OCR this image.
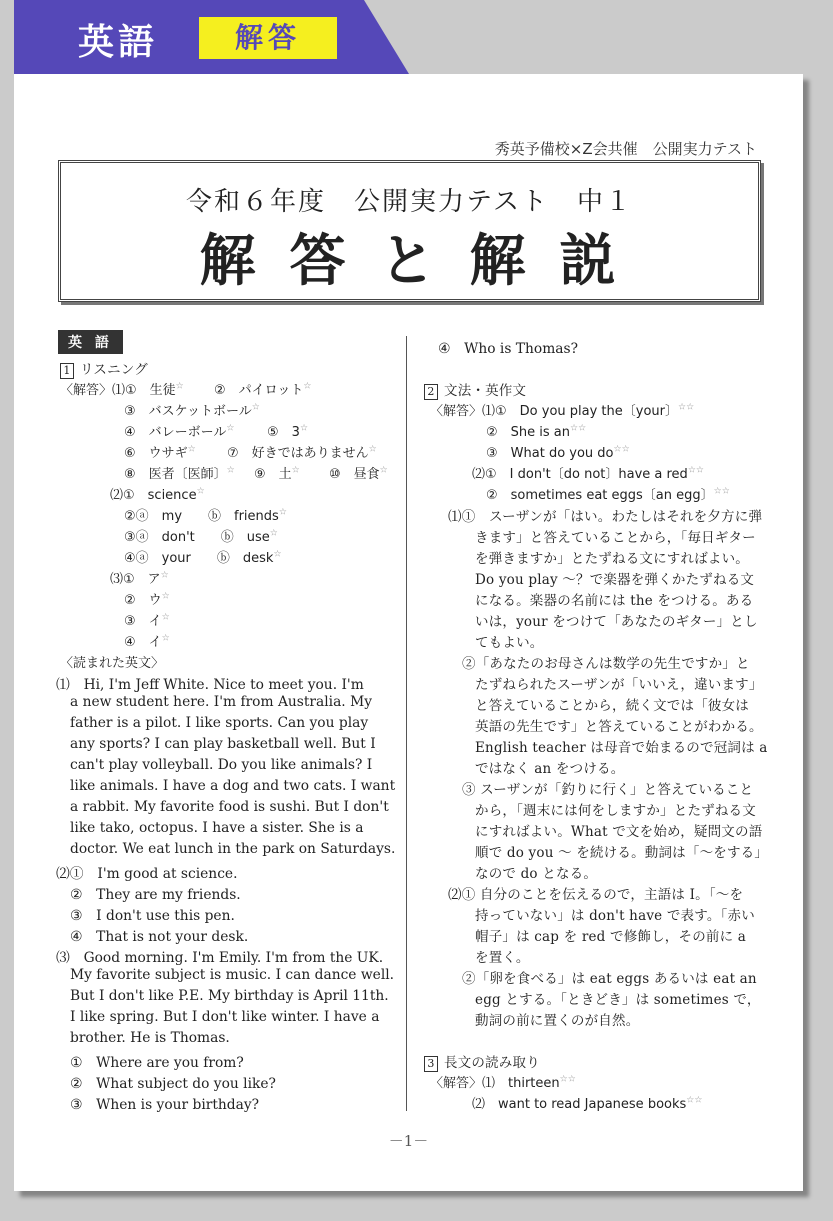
英語	解答
秀英予備校×Z会共催　公開実力テスト
令和６年度　公開実力テスト　中１
解答と解説
英 語
1 リスニング
〈解答〉⑴①　生徒☆ ②　パイロット☆
③　バスケットボール☆
④　バレーボール☆	⑤　3☆
⑥　ウサギ☆ ⑦　好きではありません☆
⑧　医者〔医師〕☆ ⑨　土☆ ⑩　昼食☆
⑵①　science☆
②ⓐ　my　　ⓑ　friends☆
③ⓐ　don't　　ⓑ　use☆
④ⓐ　your　　ⓑ　desk☆
⑶①　ア☆
②　ウ☆
③　イ☆
④　イ☆
〈読まれた英文〉
⑴　Hi, I'm Jeff White. Nice to meet you. I'm
a new student here. I'm from Australia. My
father is a pilot. I like sports. Can you play
any sports? I can play basketball well. But I
can't play volleyball. Do you like animals? I
like animals. I have a dog and two cats. I want
a rabbit. My favorite food is sushi. But I don't
like tako, octopus. I have a sister. She is a
doctor. We eat lunch in the park on Saturdays.
⑵①　I'm good at science.
②　They are my friends.
③　I don't use this pen.
④　That is not your desk.
⑶　Good morning. I'm Emily. I'm from the UK.
My favorite subject is music. I can dance well.
But I don't like P.E. My birthday is April 11th.
I like spring. But I don't like winter. I have a
brother. He is Thomas.
①　Where are you from?
②　What subject do you like?
③　When is your birthday?
④　Who is Thomas?
2 文法・英作文
〈解答〉⑴①　Do you play the〔your〕☆☆
②　She is an☆☆
③　What do you do☆☆
⑵①　I don't〔do not〕have a red☆☆
②　sometimes eat eggs〔an egg〕☆☆
⑴①　スーザンが「はい。わたしはそれを夕方に弾
きます」と答えていることから，「毎日ギター
を弾きますか」とたずねる文にすればよい。
Do you play ～？で楽器を弾くかたずねる文
になる。楽器の名前には the をつける。ある
いは，your をつけて「あなたのギター」とし
てもよい。
②「あなたのお母さんは数学の先生ですか」と
たずねられたスーザンが「いいえ，違います」
と答えていることから，続く文では「彼女は
英語の先生です」と答えていることがわかる。
English teacher は母音で始まるので冠詞は a
ではなく an をつける。
③ スーザンが「釣りに行く」と答えていること
から，「週末には何をしますか」とたずねる文
にすればよい。What で文を始め，疑問文の語
順で do you ～ を続ける。動詞は「～をする」
なので do となる。
⑵① 自分のことを伝えるので，主語は I。「～を
持っていない」は don't have で表す。「赤い
帽子」は cap を red で修飾し，その前に a
を置く。
②「卵を食べる」は eat eggs あるいは eat an
egg とする。「ときどき」は sometimes で，
動詞の前に置くのが自然。
3 長文の読み取り
〈解答〉⑴　thirteen☆☆
⑵　want to read Japanese books☆☆
－1－
